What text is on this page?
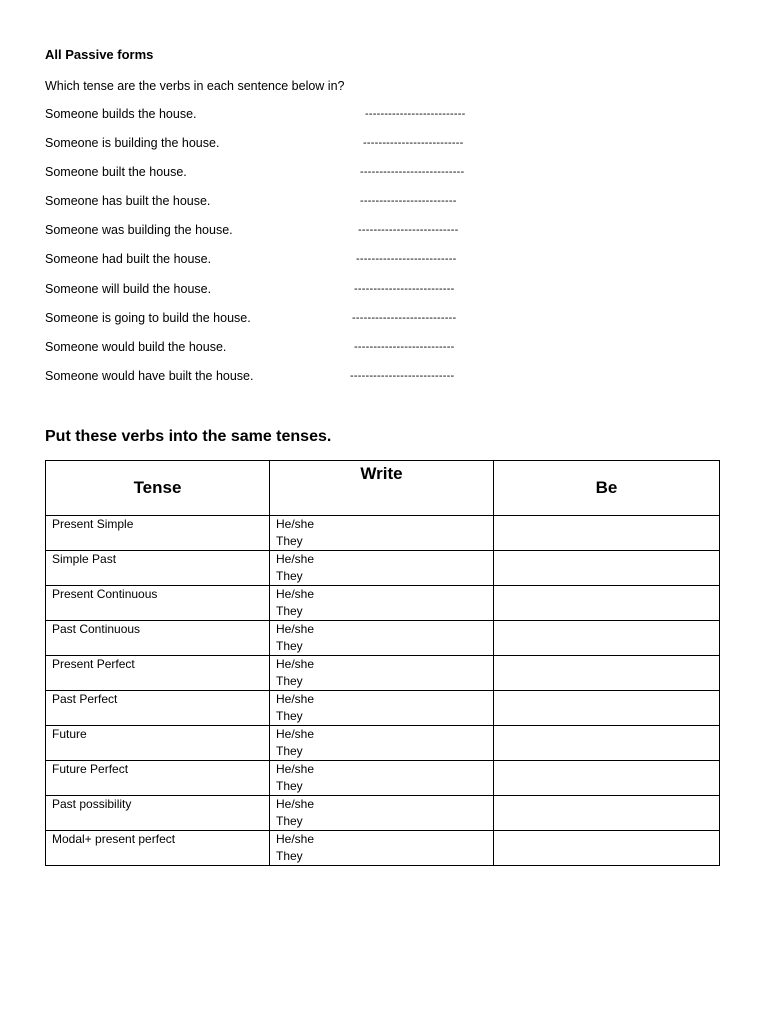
All Passive forms

Which tense are the verbs in each sentence below in?

Someone builds the house.	--------------------------
Someone is building the house.	--------------------------
Someone built the house.	---------------------------
Someone has built the house.	-------------------------
Someone was building the house.	--------------------------
Someone had built the house.	--------------------------
Someone will build the house.	--------------------------
Someone is going to build the house.	---------------------------
Someone would build the house.	--------------------------
Someone would have built the house.	---------------------------
Put these verbs into the same tenses.
Tense	Write	Be
Present Simple	He/she
They	

Simple Past	He/she
They	

Present Continuous	He/she
They	

Past Continuous	He/she
They	

Present Perfect	He/she
They	

Past Perfect	He/she
They	

Future	He/she
They	

Future Perfect	He/she
They	

Past possibility	He/she
They	

Modal+ present perfect	He/she
They	
